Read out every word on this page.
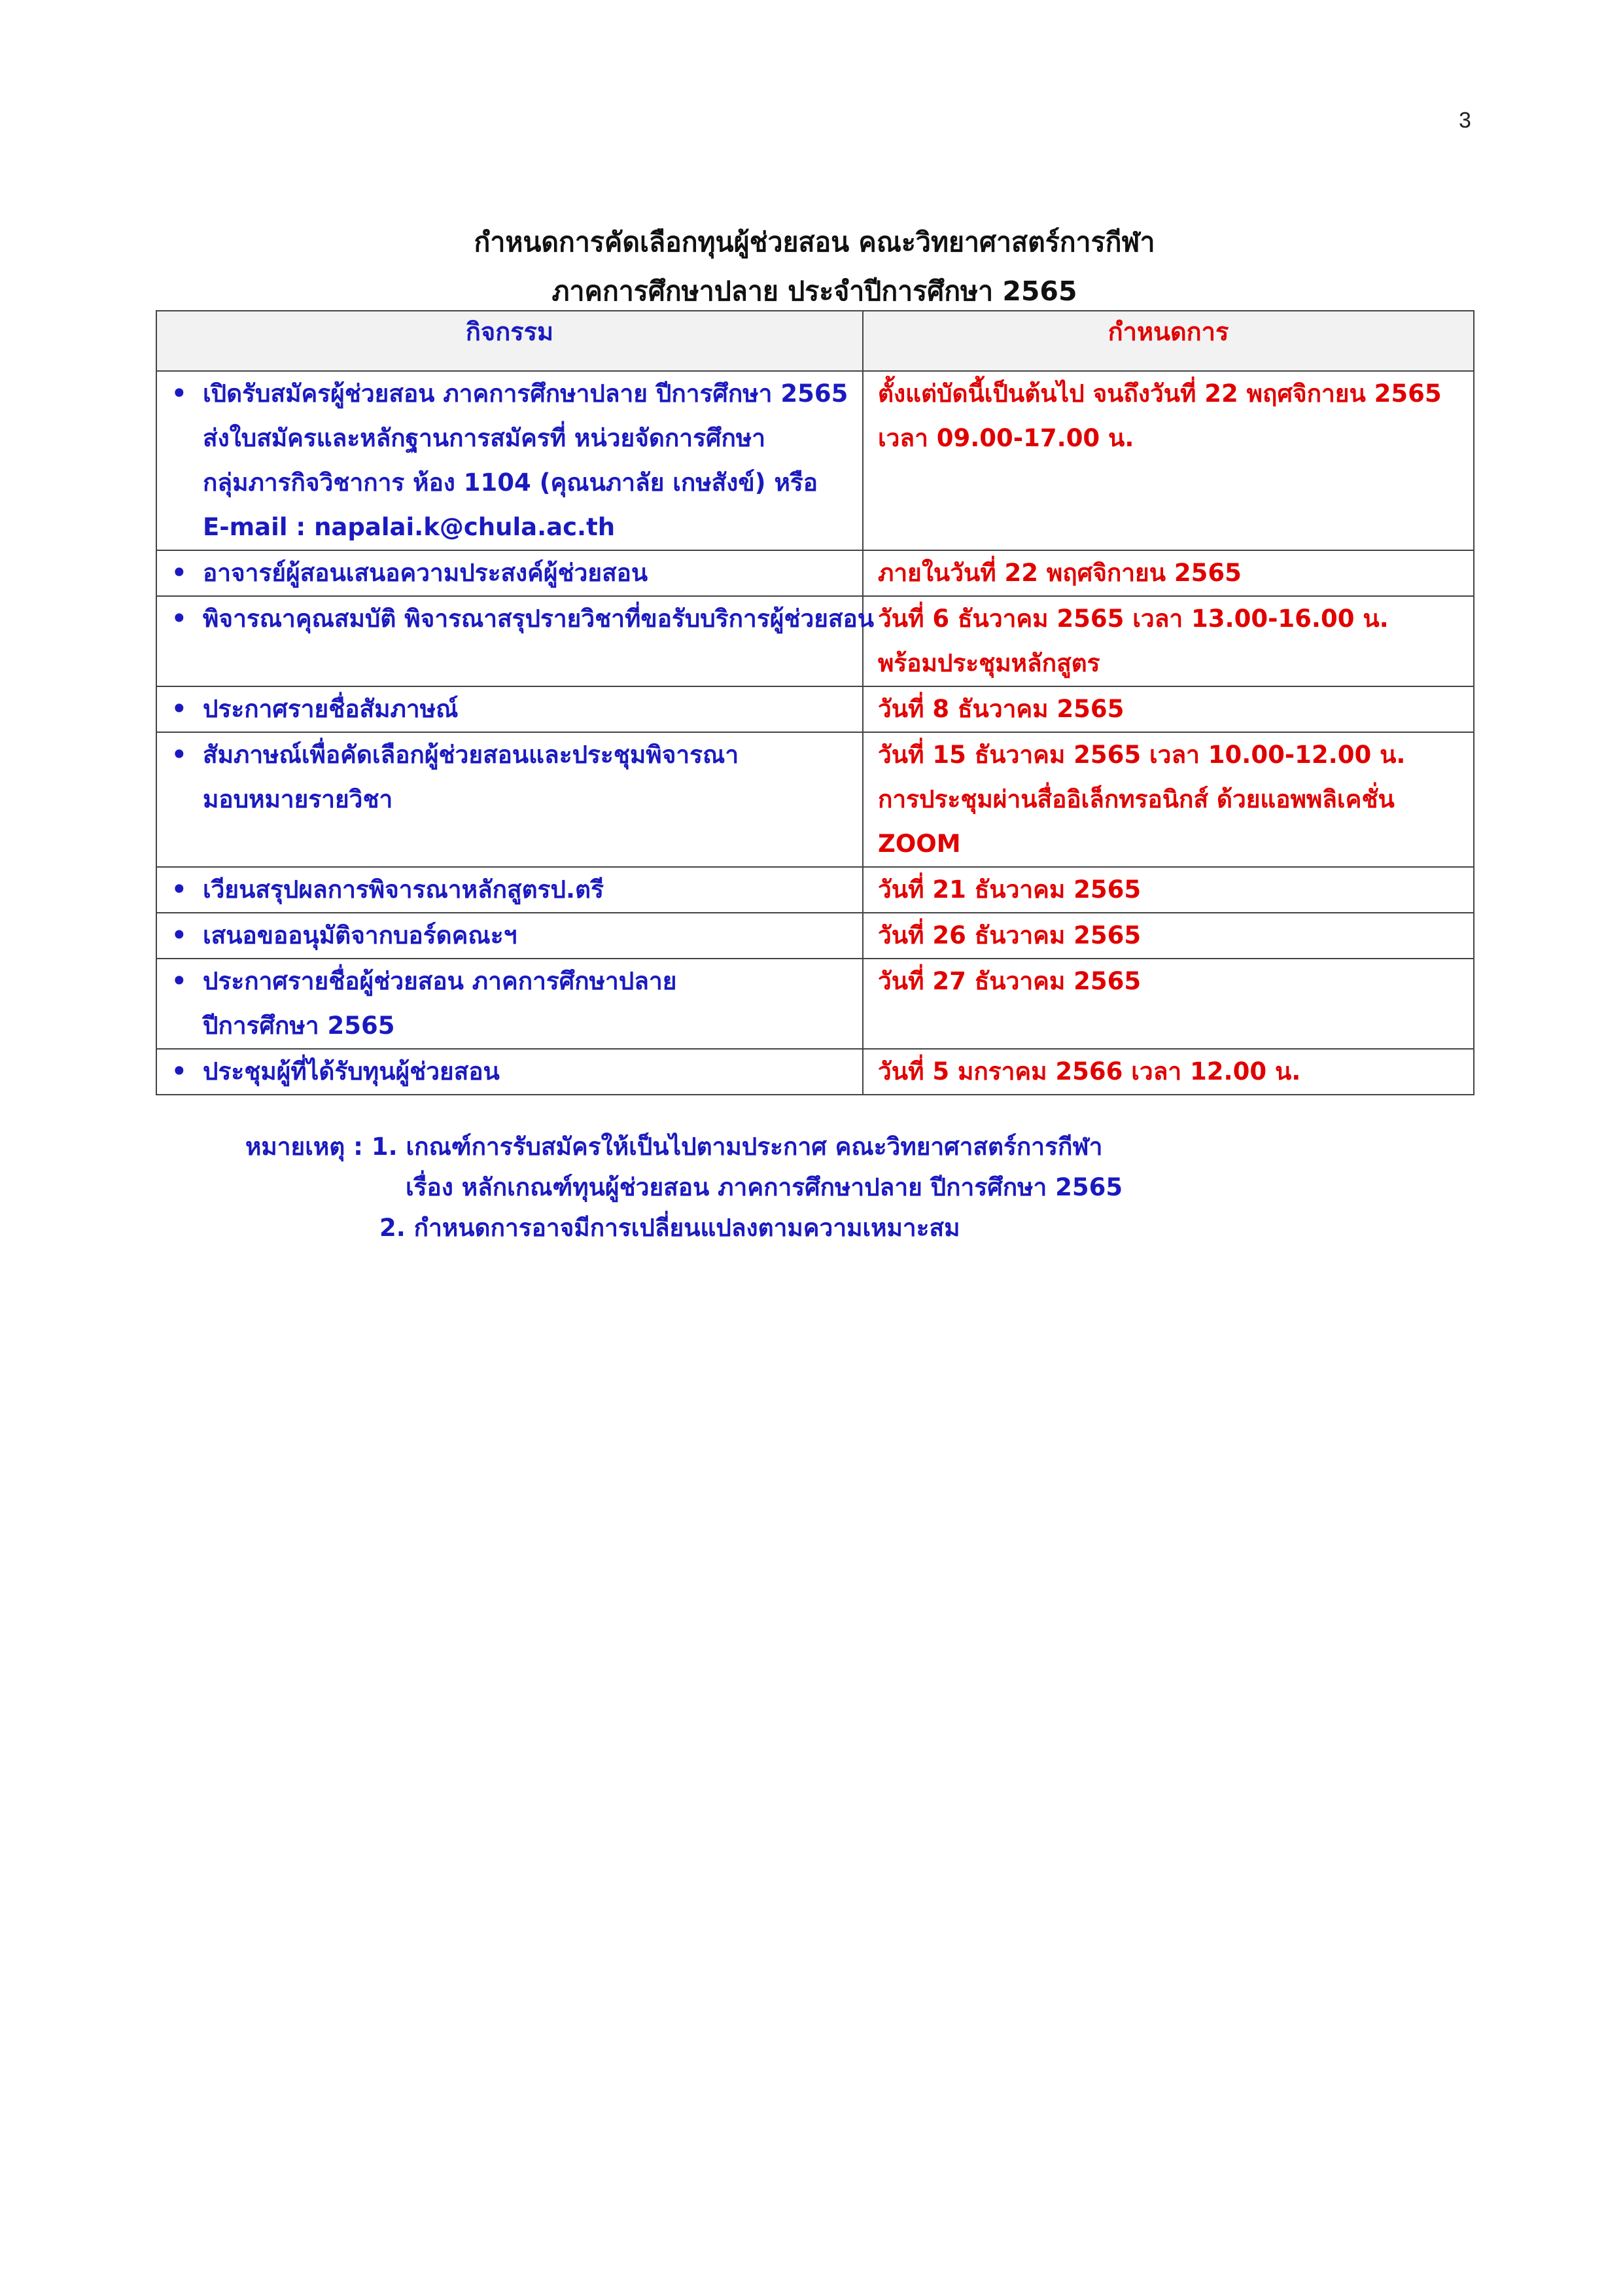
3
กำหนดการคัดเลือกทุนผู้ช่วยสอน คณะวิทยาศาสตร์การกีฬา
ภาคการศึกษาปลาย ประจำปีการศึกษา 2565
กิจกรรม	กำหนดการ

• เปิดรับสมัครผู้ช่วยสอน ภาคการศึกษาปลาย ปีการศึกษา 2565
ส่งใบสมัครและหลักฐานการสมัครที่ หน่วยจัดการศึกษา
กลุ่มภารกิจวิชาการ ห้อง 1104 (คุณนภาลัย เกษสังข์) หรือ
E-mail : napalai.k@chula.ac.th	ตั้งแต่บัดนี้เป็นต้นไป จนถึงวันที่ 22 พฤศจิกายน 2565
เวลา 09.00-17.00 น.

• อาจารย์ผู้สอนเสนอความประสงค์ผู้ช่วยสอน	ภายในวันที่ 22 พฤศจิกายน 2565

• พิจารณาคุณสมบัติ พิจารณาสรุปรายวิชาที่ขอรับบริการผู้ช่วยสอน	วันที่ 6 ธันวาคม 2565 เวลา 13.00-16.00 น.
พร้อมประชุมหลักสูตร

• ประกาศรายชื่อสัมภาษณ์	วันที่ 8 ธันวาคม 2565

• สัมภาษณ์เพื่อคัดเลือกผู้ช่วยสอนและประชุมพิจารณา
มอบหมายรายวิชา	วันที่ 15 ธันวาคม 2565 เวลา 10.00-12.00 น.
การประชุมผ่านสื่ออิเล็กทรอนิกส์ ด้วยแอพพลิเคชั่น
ZOOM

• เวียนสรุปผลการพิจารณาหลักสูตรป.ตรี	วันที่ 21 ธันวาคม 2565

• เสนอขออนุมัติจากบอร์ดคณะฯ	วันที่ 26 ธันวาคม 2565

• ประกาศรายชื่อผู้ช่วยสอน ภาคการศึกษาปลาย
ปีการศึกษา 2565	วันที่ 27 ธันวาคม 2565

• ประชุมผู้ที่ได้รับทุนผู้ช่วยสอน	วันที่ 5 มกราคม 2566 เวลา 12.00 น.
หมายเหตุ : 1. เกณฑ์การรับสมัครให้เป็นไปตามประกาศ คณะวิทยาศาสตร์การกีฬา
เรื่อง หลักเกณฑ์ทุนผู้ช่วยสอน ภาคการศึกษาปลาย ปีการศึกษา 2565
2. กำหนดการอาจมีการเปลี่ยนแปลงตามความเหมาะสม
